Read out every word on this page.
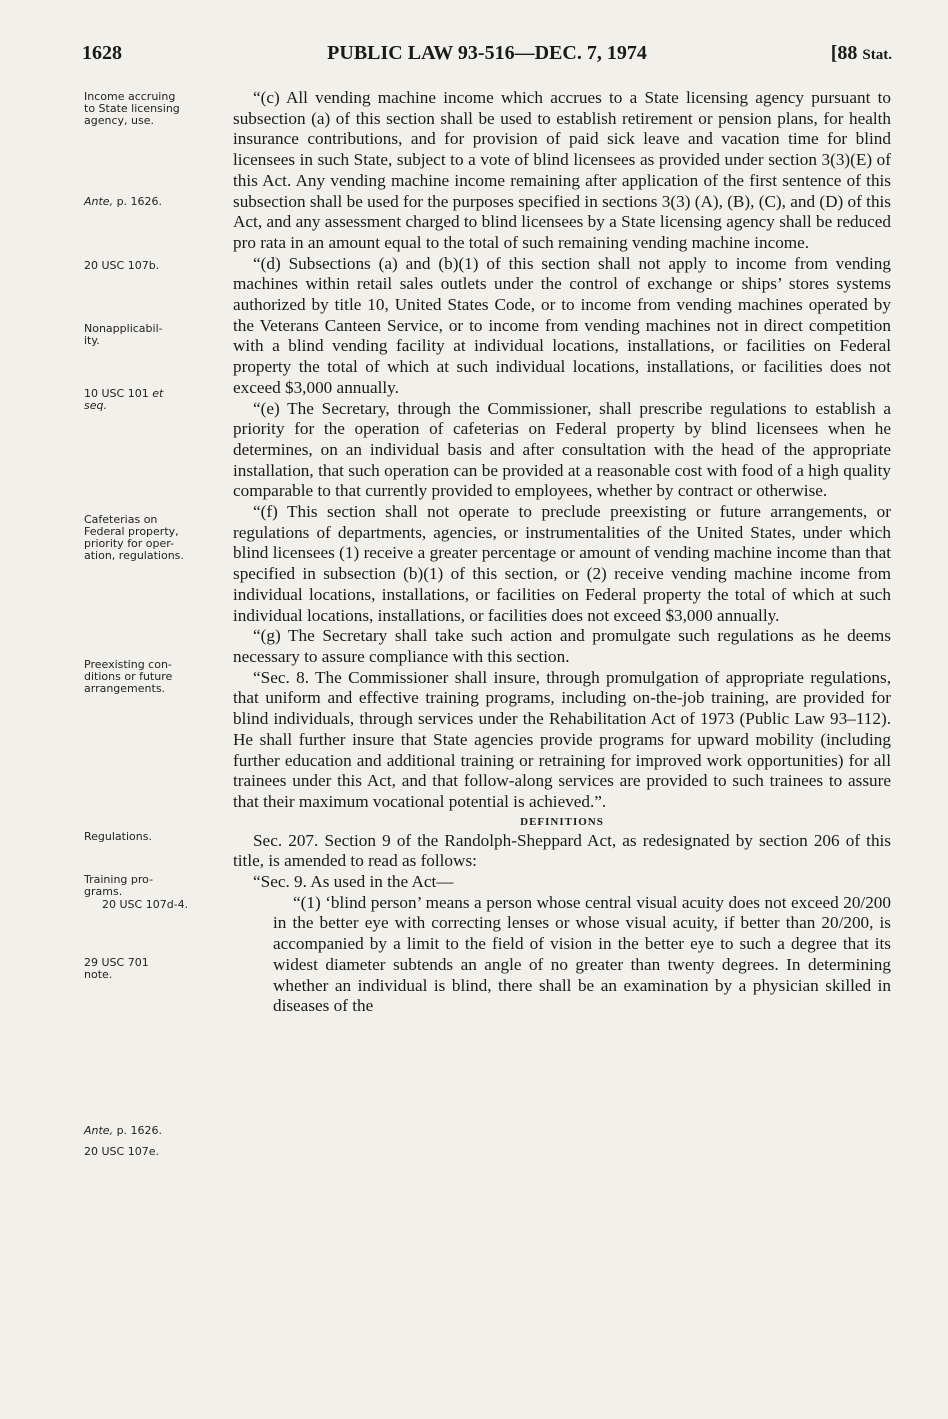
1628	PUBLIC LAW 93-516—DEC. 7, 1974	[88 Stat.
Income accruing
to State licensing
agency, use.
Ante, p. 1626.
20 USC 107b.
Nonapplicabil-
ity.
10 USC 101 et
seq.
Cafeterias on
Federal property,
priority for oper-
ation, regulations.
Preexisting con-
ditions or future
arrangements.
Regulations.
Training pro-
grams.
20 USC 107d-4.
29 USC 701
note.
Ante, p. 1626.
20 USC 107e.

“(c) All vending machine income which accrues to a State licensing agency pursuant to subsection (a) of this section shall be used to establish retirement or pension plans, for health insurance contributions, and for provision of paid sick leave and vacation time for blind licensees in such State, subject to a vote of blind licensees as provided under section 3(3)(E) of this Act. Any vending machine income remaining after application of the first sentence of this subsection shall be used for the purposes specified in sections 3(3) (A), (B), (C), and (D) of this Act, and any assessment charged to blind licensees by a State licensing agency shall be reduced pro rata in an amount equal to the total of such remaining vending machine income.

“(d) Subsections (a) and (b)(1) of this section shall not apply to income from vending machines within retail sales outlets under the control of exchange or ships’ stores systems authorized by title 10, United States Code, or to income from vending machines operated by the Veterans Canteen Service, or to income from vending machines not in direct competition with a blind vending facility at individual locations, installations, or facilities on Federal property the total of which at such individual locations, installations, or facilities does not exceed $3,000 annually.

“(e) The Secretary, through the Commissioner, shall prescribe regulations to establish a priority for the operation of cafeterias on Federal property by blind licensees when he determines, on an individual basis and after consultation with the head of the appropriate installation, that such operation can be provided at a reasonable cost with food of a high quality comparable to that currently provided to employees, whether by contract or otherwise.

“(f) This section shall not operate to preclude preexisting or future arrangements, or regulations of departments, agencies, or instrumentalities of the United States, under which blind licensees (1) receive a greater percentage or amount of vending machine income than that specified in subsection (b)(1) of this section, or (2) receive vending machine income from individual locations, installations, or facilities on Federal property the total of which at such individual locations, installations, or facilities does not exceed $3,000 annually.

“(g) The Secretary shall take such action and promulgate such regulations as he deems necessary to assure compliance with this section.

“Sec. 8. The Commissioner shall insure, through promulgation of appropriate regulations, that uniform and effective training programs, including on-the-job training, are provided for blind individuals, through services under the Rehabilitation Act of 1973 (Public Law 93–112). He shall further insure that State agencies provide programs for upward mobility (including further education and additional training or retraining for improved work opportunities) for all trainees under this Act, and that follow-along services are provided to such trainees to assure that their maximum vocational potential is achieved.”.

DEFINITIONS

Sec. 207. Section 9 of the Randolph-Sheppard Act, as redesignated by section 206 of this title, is amended to read as follows:

“Sec. 9. As used in the Act—

“(1) ‘blind person’ means a person whose central visual acuity does not exceed 20/200 in the better eye with correcting lenses or whose visual acuity, if better than 20/200, is accompanied by a limit to the field of vision in the better eye to such a degree that its widest diameter subtends an angle of no greater than twenty degrees. In determining whether an individual is blind, there shall be an examination by a physician skilled in diseases of the
